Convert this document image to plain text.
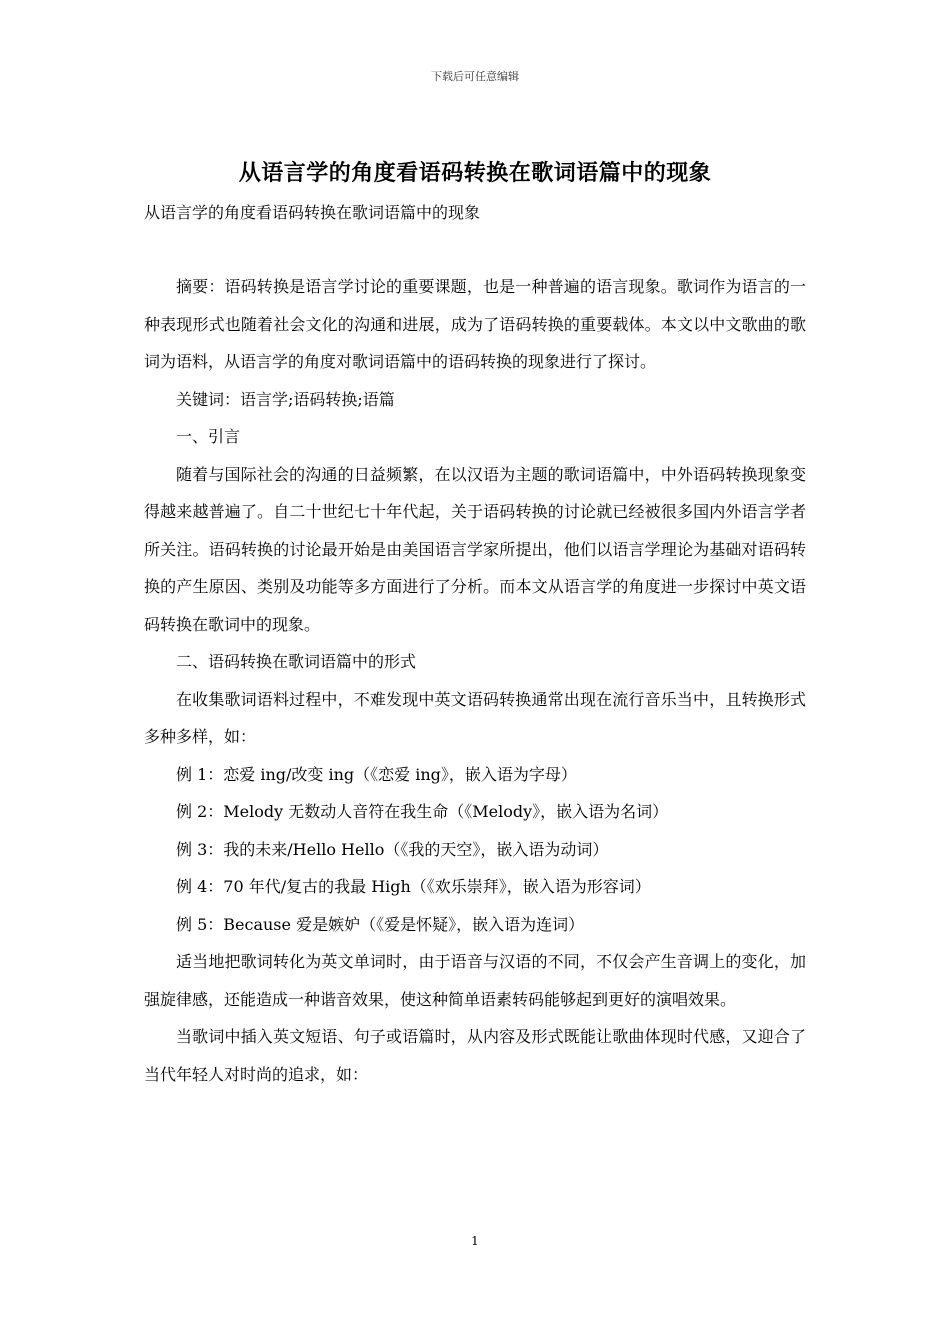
下载后可任意编辑
从语言学的角度看语码转换在歌词语篇中的现象
从语言学的角度看语码转换在歌词语篇中的现象

摘要：语码转换是语言学讨论的重要课题，也是一种普遍的语言现象。歌词作为语言的一种表现形式也随着社会文化的沟通和进展，成为了语码转换的重要载体。本文以中文歌曲的歌词为语料，从语言学的角度对歌词语篇中的语码转换的现象进行了探讨。

关键词：语言学;语码转换;语篇

一、引言

随着与国际社会的沟通的日益频繁，在以汉语为主题的歌词语篇中，中外语码转换现象变得越来越普遍了。自二十世纪七十年代起，关于语码转换的讨论就已经被很多国内外语言学者所关注。语码转换的讨论最开始是由美国语言学家所提出，他们以语言学理论为基础对语码转换的产生原因、类别及功能等多方面进行了分析。而本文从语言学的角度进一步探讨中英文语码转换在歌词中的现象。

二、语码转换在歌词语篇中的形式

在收集歌词语料过程中，不难发现中英文语码转换通常出现在流行音乐当中，且转换形式多种多样，如：

例 1：恋爱 ing/改变 ing（《恋爱 ing》，嵌入语为字母）

例 2：Melody 无数动人音符在我生命（《Melody》，嵌入语为名词）

例 3：我的未来/Hello Hello（《我的天空》，嵌入语为动词）

例 4：70 年代/复古的我最 High（《欢乐崇拜》，嵌入语为形容词）

例 5：Because 爱是嫉妒（《爱是怀疑》，嵌入语为连词）

适当地把歌词转化为英文单词时，由于语音与汉语的不同，不仅会产生音调上的变化，加强旋律感，还能造成一种谐音效果，使这种简单语素转码能够起到更好的演唱效果。

当歌词中插入英文短语、句子或语篇时，从内容及形式既能让歌曲体现时代感，又迎合了当代年轻人对时尚的追求，如：

1
